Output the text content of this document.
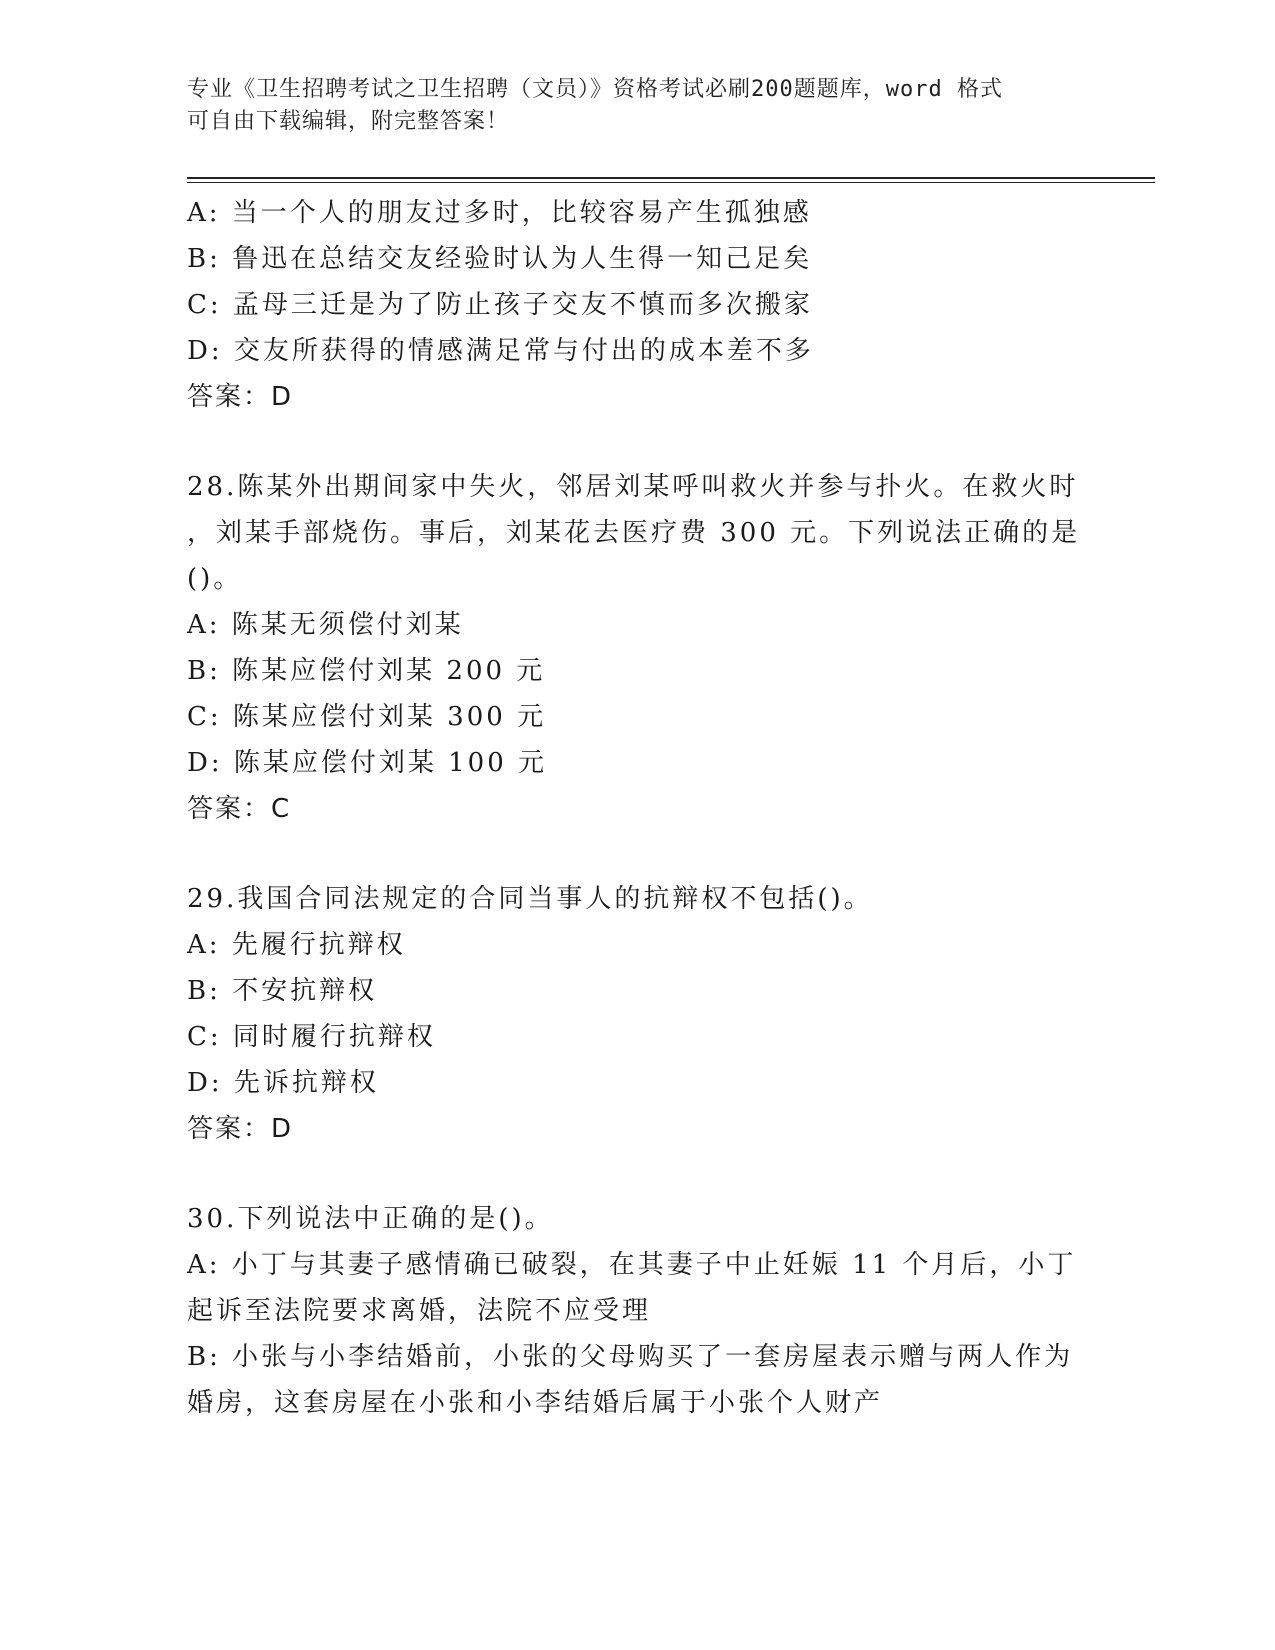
专业《卫生招聘考试之卫生招聘（文员）》资格考试必刷200题题库，word 格式
可自由下载编辑，附完整答案！
A: 当一个人的朋友过多时，比较容易产生孤独感
B: 鲁迅在总结交友经验时认为人生得一知己足矣
C: 孟母三迁是为了防止孩子交友不慎而多次搬家
D: 交友所获得的情感满足常与付出的成本差不多
答案：D
28.陈某外出期间家中失火，邻居刘某呼叫救火并参与扑火。在救火时
，刘某手部烧伤。事后，刘某花去医疗费 300 元。下列说法正确的是
()。
A: 陈某无须偿付刘某
B: 陈某应偿付刘某 200 元
C: 陈某应偿付刘某 300 元
D: 陈某应偿付刘某 100 元
答案：C
29.我国合同法规定的合同当事人的抗辩权不包括()。
A: 先履行抗辩权
B: 不安抗辩权
C: 同时履行抗辩权
D: 先诉抗辩权
答案：D
30.下列说法中正确的是()。
A: 小丁与其妻子感情确已破裂，在其妻子中止妊娠 11 个月后，小丁
起诉至法院要求离婚，法院不应受理
B: 小张与小李结婚前，小张的父母购买了一套房屋表示赠与两人作为
婚房，这套房屋在小张和小李结婚后属于小张个人财产
